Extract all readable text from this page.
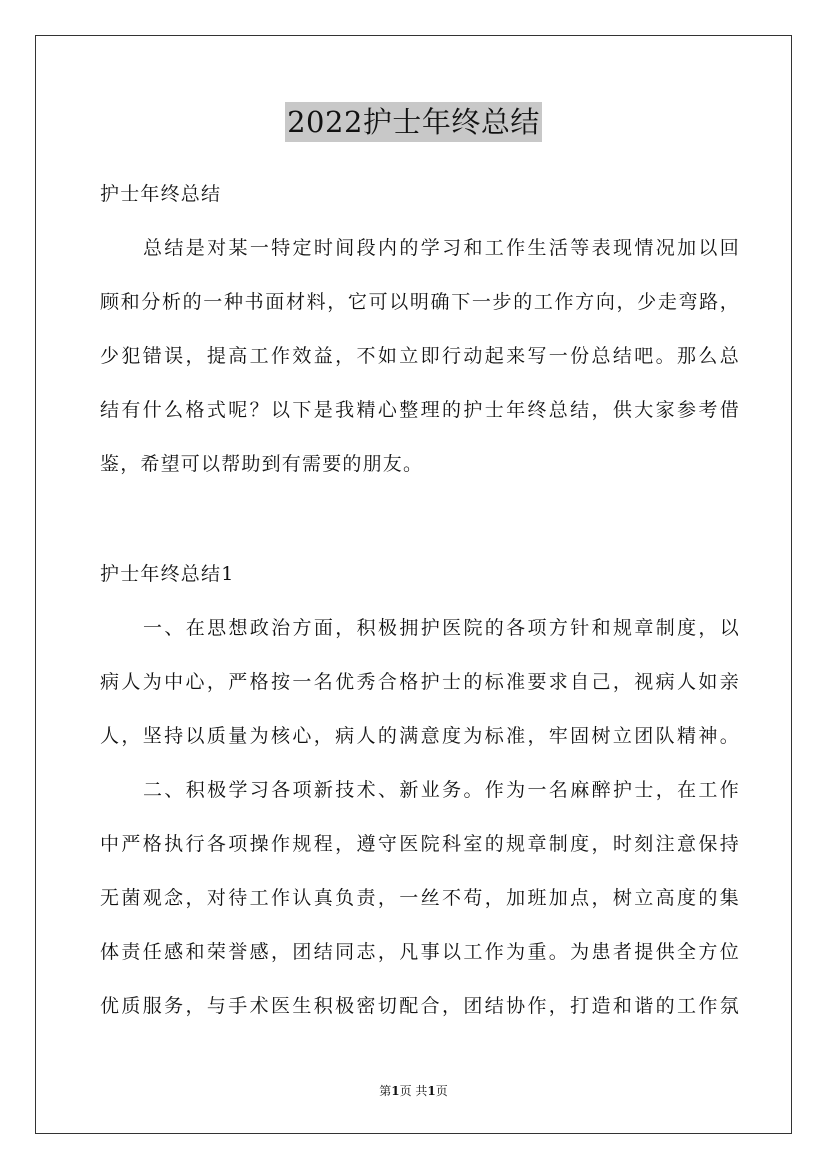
2022护士年终总结
护士年终总结
总结是对某一特定时间段内的学习和工作生活等表现情况加以回
顾和分析的一种书面材料，它可以明确下一步的工作方向，少走弯路，
少犯错误，提高工作效益，不如立即行动起来写一份总结吧。那么总
结有什么格式呢？以下是我精心整理的护士年终总结，供大家参考借
鉴，希望可以帮助到有需要的朋友。
护士年终总结1
一、在思想政治方面，积极拥护医院的各项方针和规章制度，以
病人为中心，严格按一名优秀合格护士的标准要求自己，视病人如亲
人，坚持以质量为核心，病人的满意度为标准，牢固树立团队精神。
二、积极学习各项新技术、新业务。作为一名麻醉护士，在工作
中严格执行各项操作规程，遵守医院科室的规章制度，时刻注意保持
无菌观念，对待工作认真负责，一丝不苟，加班加点，树立高度的集
体责任感和荣誉感，团结同志，凡事以工作为重。为患者提供全方位
优质服务，与手术医生积极密切配合，团结协作，打造和谐的工作氛
第1页 共1页
